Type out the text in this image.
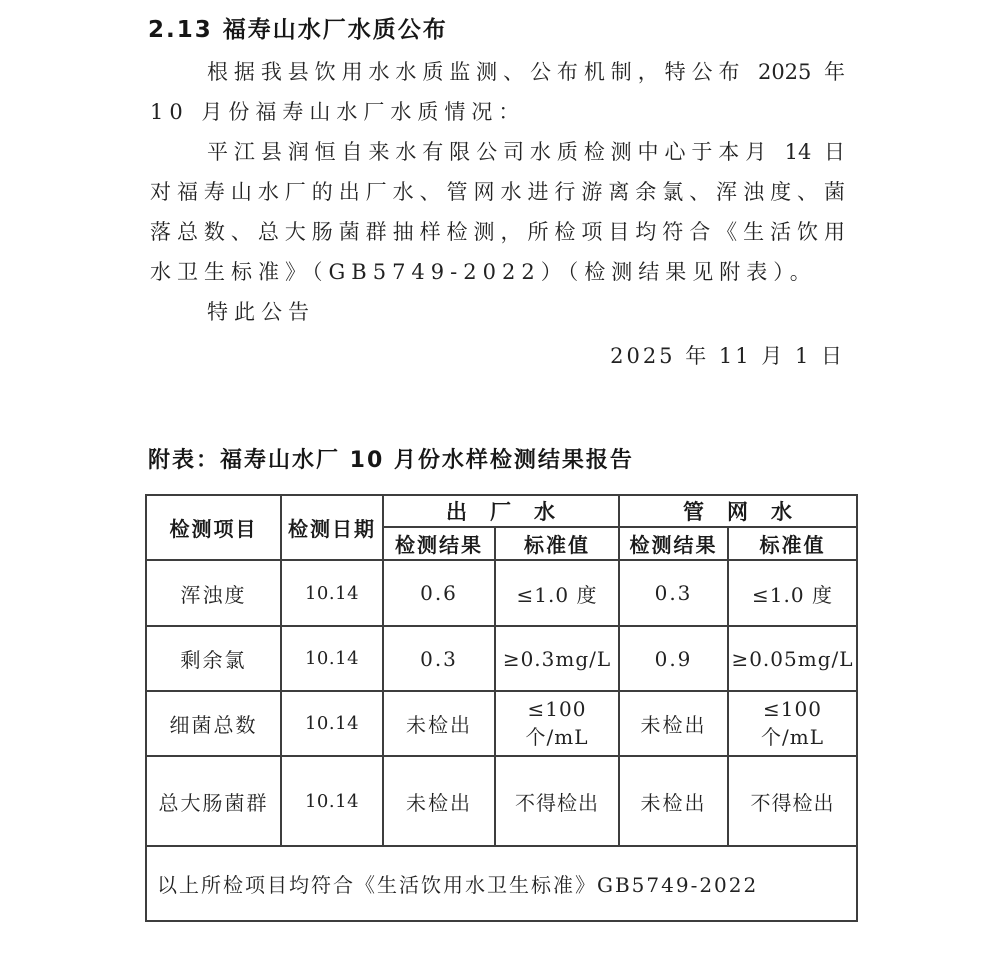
2.13 福寿山水厂水质公布
根据我县饮用水水质监测、公布机制，特公布 2025 年
10 月份福寿山水厂水质情况：
平江县润恒自来水有限公司水质检测中心于本月 14 日
对福寿山水厂的出厂水、管网水进行游离余氯、浑浊度、菌
落总数、总大肠菌群抽样检测，所检项目均符合《生活饮用
水卫生标准》（GB5749-2022）（检测结果见附表）。
特此公告
2025 年 11 月 1 日
附表：福寿山水厂 10 月份水样检测结果报告
检测项目	检测日期	出　厂　水		管　网　水	
		检测结果	标准值	检测结果	标准值
浑浊度	10.14	0.6	≤1.0 度	0.3	≤1.0 度
剩余氯	10.14	0.3	≥0.3mg/L	0.9	≥0.05mg/L
细菌总数	10.14	未检出	≤100 个/mL	未检出	≤100 个/mL
总大肠菌群	10.14	未检出	不得检出	未检出	不得检出
以上所检项目均符合《生活饮用水卫生标准》GB5749-2022					
